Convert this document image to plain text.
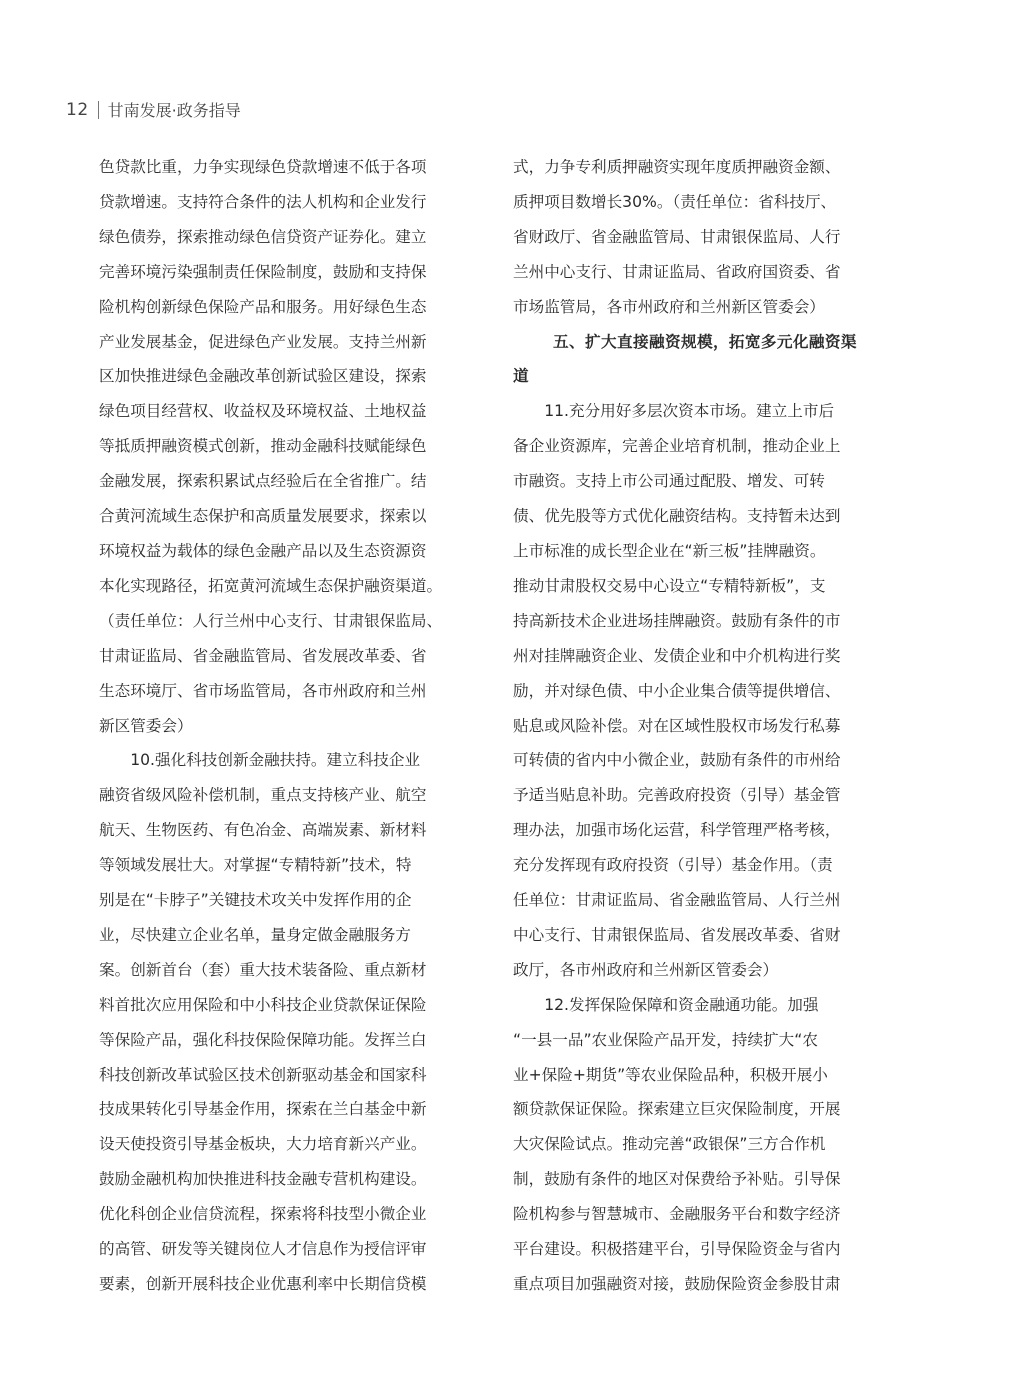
12 甘南发展·政务指导

色贷款比重，力争实现绿色贷款增速不低于各项

贷款增速。支持符合条件的法人机构和企业发行

绿色债券，探索推动绿色信贷资产证券化。建立

完善环境污染强制责任保险制度，鼓励和支持保

险机构创新绿色保险产品和服务。用好绿色生态

产业发展基金，促进绿色产业发展。支持兰州新

区加快推进绿色金融改革创新试验区建设，探索

绿色项目经营权、收益权及环境权益、土地权益

等抵质押融资模式创新，推动金融科技赋能绿色

金融发展，探索积累试点经验后在全省推广。结

合黄河流域生态保护和高质量发展要求，探索以

环境权益为载体的绿色金融产品以及生态资源资

本化实现路径，拓宽黄河流域生态保护融资渠道。

（责任单位：人行兰州中心支行、甘肃银保监局、

甘肃证监局、省金融监管局、省发展改革委、省

生态环境厅、省市场监管局，各市州政府和兰州

新区管委会）

　　10.强化科技创新金融扶持。建立科技企业

融资省级风险补偿机制，重点支持核产业、航空

航天、生物医药、有色冶金、高端炭素、新材料

等领域发展壮大。对掌握“专精特新”技术，特

别是在“卡脖子”关键技术攻关中发挥作用的企

业，尽快建立企业名单，量身定做金融服务方

案。创新首台（套）重大技术装备险、重点新材

料首批次应用保险和中小科技企业贷款保证保险

等保险产品，强化科技保险保障功能。发挥兰白

科技创新改革试验区技术创新驱动基金和国家科

技成果转化引导基金作用，探索在兰白基金中新

设天使投资引导基金板块，大力培育新兴产业。

鼓励金融机构加快推进科技金融专营机构建设。

优化科创企业信贷流程，探索将科技型小微企业

的高管、研发等关键岗位人才信息作为授信评审

要素，创新开展科技企业优惠利率中长期信贷模

式，力争专利质押融资实现年度质押融资金额、

质押项目数增长30%。（责任单位：省科技厅、

省财政厅、省金融监管局、甘肃银保监局、人行

兰州中心支行、甘肃证监局、省政府国资委、省

市场监管局，各市州政府和兰州新区管委会）

五、扩大直接融资规模，拓宽多元化融资渠

道

　　11.充分用好多层次资本市场。建立上市后

备企业资源库，完善企业培育机制，推动企业上

市融资。支持上市公司通过配股、增发、可转

债、优先股等方式优化融资结构。支持暂未达到

上市标准的成长型企业在“新三板”挂牌融资。

推动甘肃股权交易中心设立“专精特新板”，支

持高新技术企业进场挂牌融资。鼓励有条件的市

州对挂牌融资企业、发债企业和中介机构进行奖

励，并对绿色债、中小企业集合债等提供增信、

贴息或风险补偿。对在区域性股权市场发行私募

可转债的省内中小微企业，鼓励有条件的市州给

予适当贴息补助。完善政府投资（引导）基金管

理办法，加强市场化运营，科学管理严格考核，

充分发挥现有政府投资（引导）基金作用。（责

任单位：甘肃证监局、省金融监管局、人行兰州

中心支行、甘肃银保监局、省发展改革委、省财

政厅，各市州政府和兰州新区管委会）

　　12.发挥保险保障和资金融通功能。加强

“一县一品”农业保险产品开发，持续扩大“农

业+保险+期货”等农业保险品种，积极开展小

额贷款保证保险。探索建立巨灾保险制度，开展

大灾保险试点。推动完善“政银保”三方合作机

制，鼓励有条件的地区对保费给予补贴。引导保

险机构参与智慧城市、金融服务平台和数字经济

平台建设。积极搭建平台，引导保险资金与省内

重点项目加强融资对接，鼓励保险资金参股甘肃
